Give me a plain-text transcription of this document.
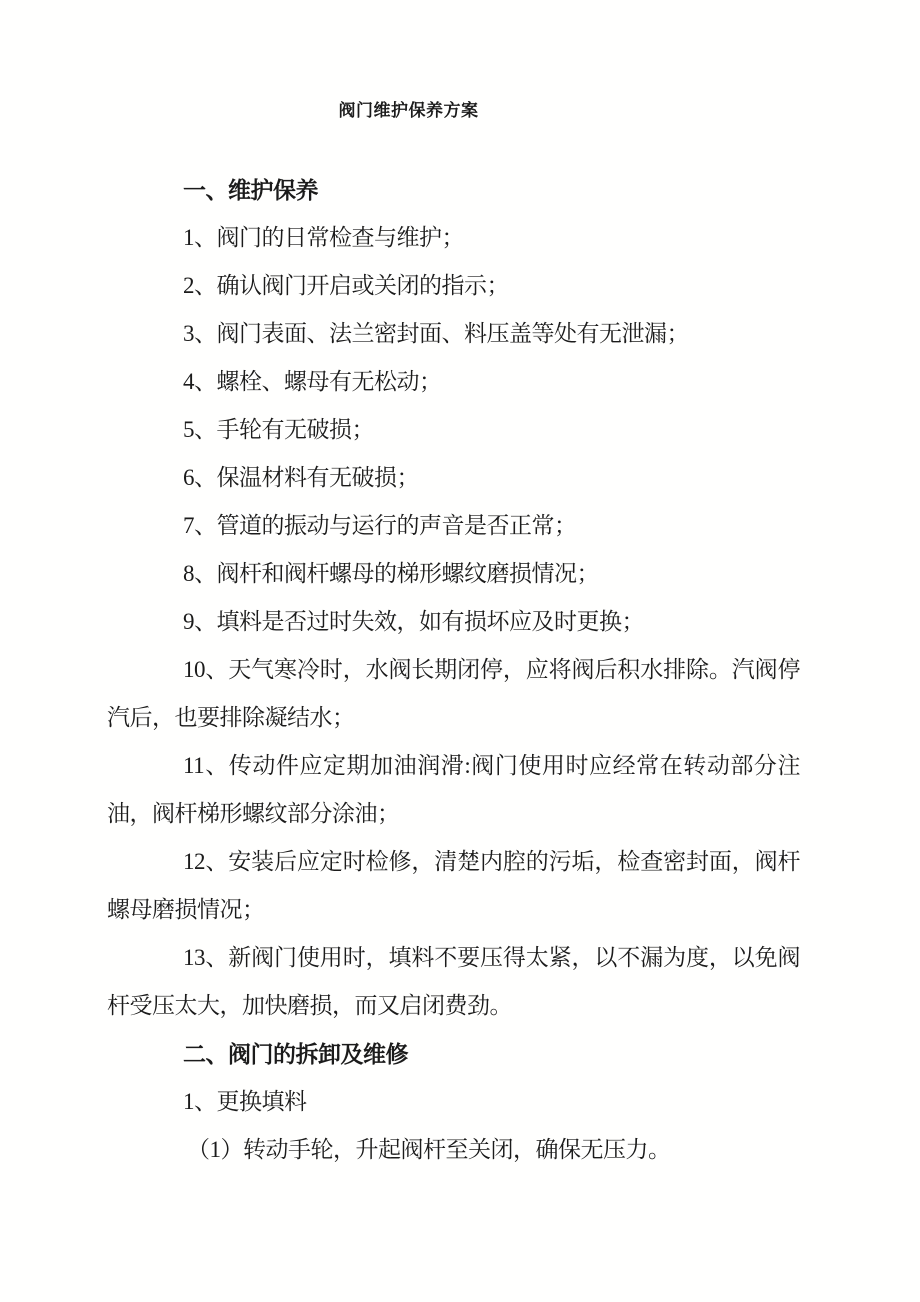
阀门维护保养方案

一、维护保养

1、阀门的日常检查与维护；

2、确认阀门开启或关闭的指示；

3、阀门表面、法兰密封面、料压盖等处有无泄漏；

4、螺栓、螺母有无松动；

5、手轮有无破损；

6、保温材料有无破损；

7、管道的振动与运行的声音是否正常；

8、阀杆和阀杆螺母的梯形螺纹磨损情况；

9、填料是否过时失效，如有损坏应及时更换；

10、天气寒冷时，水阀长期闭停，应将阀后积水排除。汽阀停汽后，也要排除凝结水；

11、传动件应定期加油润滑:阀门使用时应经常在转动部分注油，阀杆梯形螺纹部分涂油；

12、安装后应定时检修，清楚内腔的污垢，检查密封面，阀杆螺母磨损情况；

13、新阀门使用时，填料不要压得太紧，以不漏为度，以免阀杆受压太大，加快磨损，而又启闭费劲。

二、阀门的拆卸及维修

1、更换填料

（1）转动手轮，升起阀杆至关闭，确保无压力。
